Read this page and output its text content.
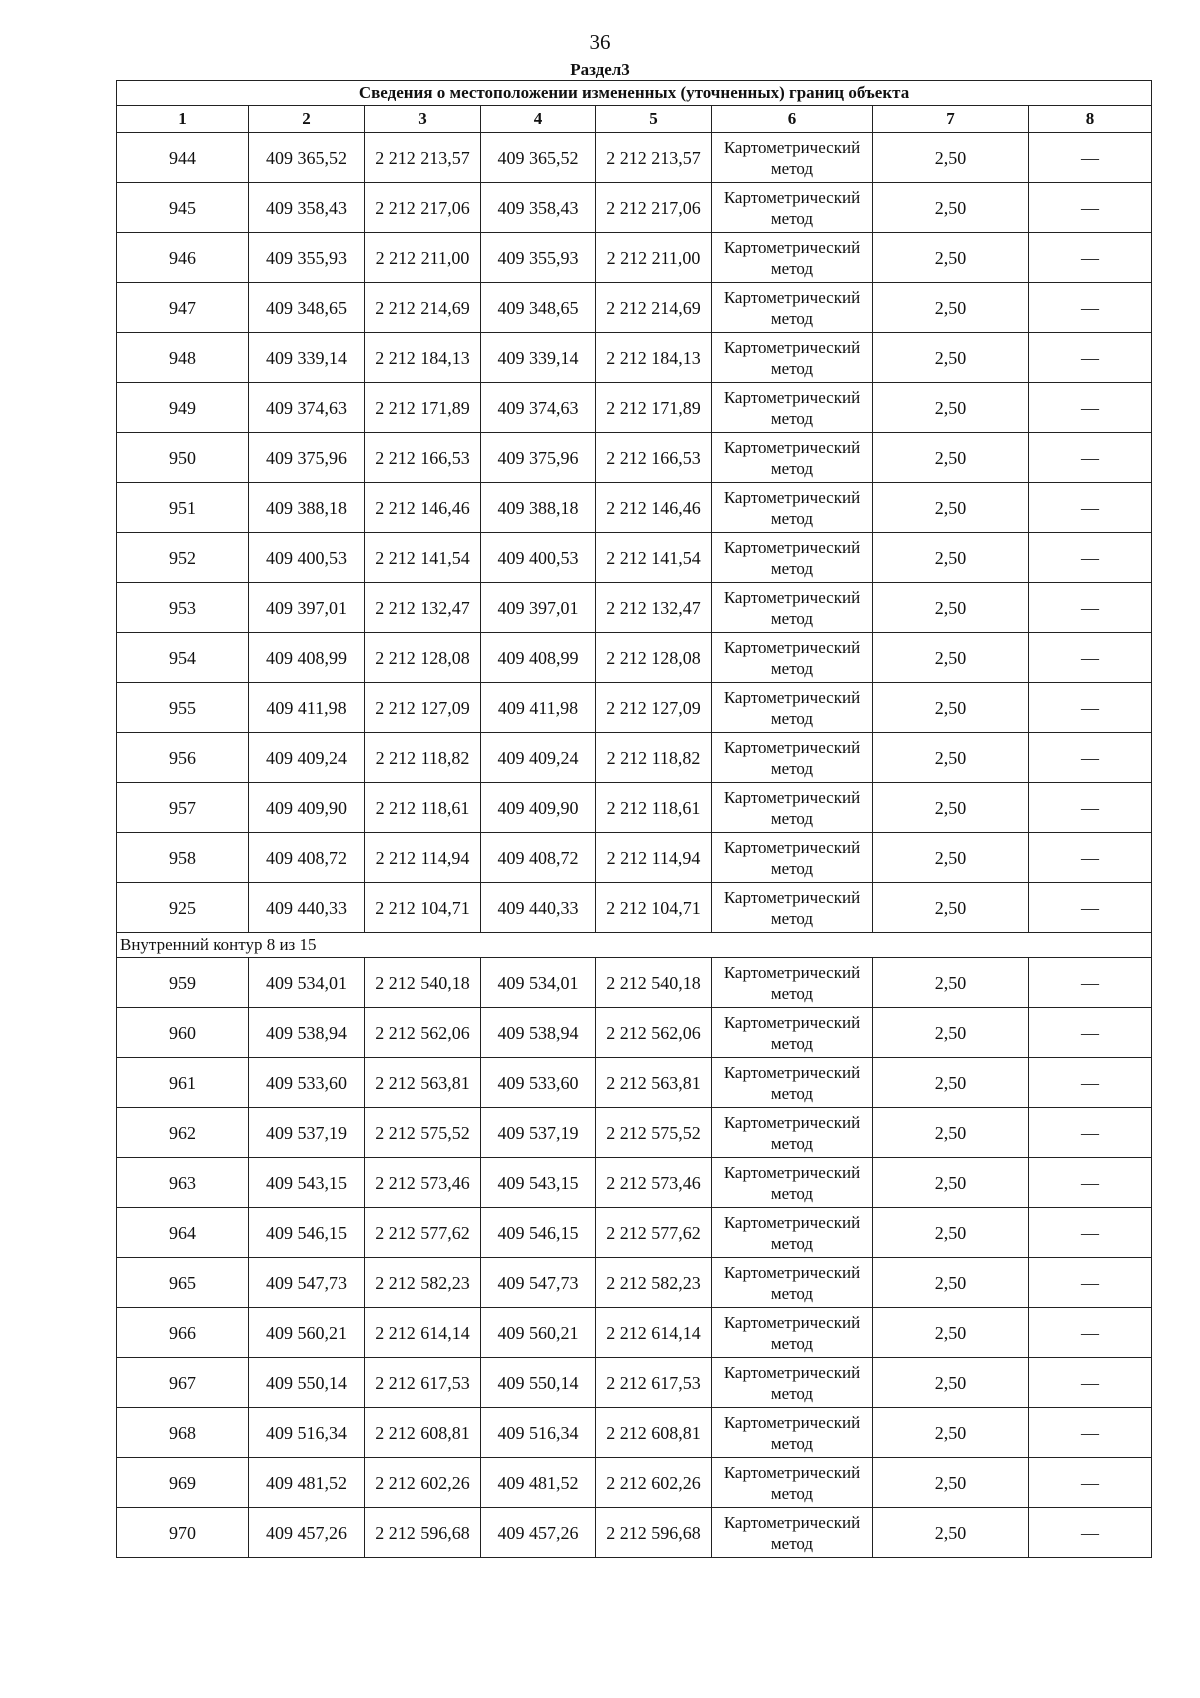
36
Раздел3
Сведения о местоположении измененных (уточненных) границ объекта							
1	2	3	4	5	6	7	8
944	409 365,52	2 212 213,57	409 365,52	2 212 213,57	Картометрический метод	2,50	—
945	409 358,43	2 212 217,06	409 358,43	2 212 217,06	Картометрический метод	2,50	—
946	409 355,93	2 212 211,00	409 355,93	2 212 211,00	Картометрический метод	2,50	—
947	409 348,65	2 212 214,69	409 348,65	2 212 214,69	Картометрический метод	2,50	—
948	409 339,14	2 212 184,13	409 339,14	2 212 184,13	Картометрический метод	2,50	—
949	409 374,63	2 212 171,89	409 374,63	2 212 171,89	Картометрический метод	2,50	—
950	409 375,96	2 212 166,53	409 375,96	2 212 166,53	Картометрический метод	2,50	—
951	409 388,18	2 212 146,46	409 388,18	2 212 146,46	Картометрический метод	2,50	—
952	409 400,53	2 212 141,54	409 400,53	2 212 141,54	Картометрический метод	2,50	—
953	409 397,01	2 212 132,47	409 397,01	2 212 132,47	Картометрический метод	2,50	—
954	409 408,99	2 212 128,08	409 408,99	2 212 128,08	Картометрический метод	2,50	—
955	409 411,98	2 212 127,09	409 411,98	2 212 127,09	Картометрический метод	2,50	—
956	409 409,24	2 212 118,82	409 409,24	2 212 118,82	Картометрический метод	2,50	—
957	409 409,90	2 212 118,61	409 409,90	2 212 118,61	Картометрический метод	2,50	—
958	409 408,72	2 212 114,94	409 408,72	2 212 114,94	Картометрический метод	2,50	—
925	409 440,33	2 212 104,71	409 440,33	2 212 104,71	Картометрический метод	2,50	—
Внутренний контур 8 из 15							
959	409 534,01	2 212 540,18	409 534,01	2 212 540,18	Картометрический метод	2,50	—
960	409 538,94	2 212 562,06	409 538,94	2 212 562,06	Картометрический метод	2,50	—
961	409 533,60	2 212 563,81	409 533,60	2 212 563,81	Картометрический метод	2,50	—
962	409 537,19	2 212 575,52	409 537,19	2 212 575,52	Картометрический метод	2,50	—
963	409 543,15	2 212 573,46	409 543,15	2 212 573,46	Картометрический метод	2,50	—
964	409 546,15	2 212 577,62	409 546,15	2 212 577,62	Картометрический метод	2,50	—
965	409 547,73	2 212 582,23	409 547,73	2 212 582,23	Картометрический метод	2,50	—
966	409 560,21	2 212 614,14	409 560,21	2 212 614,14	Картометрический метод	2,50	—
967	409 550,14	2 212 617,53	409 550,14	2 212 617,53	Картометрический метод	2,50	—
968	409 516,34	2 212 608,81	409 516,34	2 212 608,81	Картометрический метод	2,50	—
969	409 481,52	2 212 602,26	409 481,52	2 212 602,26	Картометрический метод	2,50	—
970	409 457,26	2 212 596,68	409 457,26	2 212 596,68	Картометрический метод	2,50	—
